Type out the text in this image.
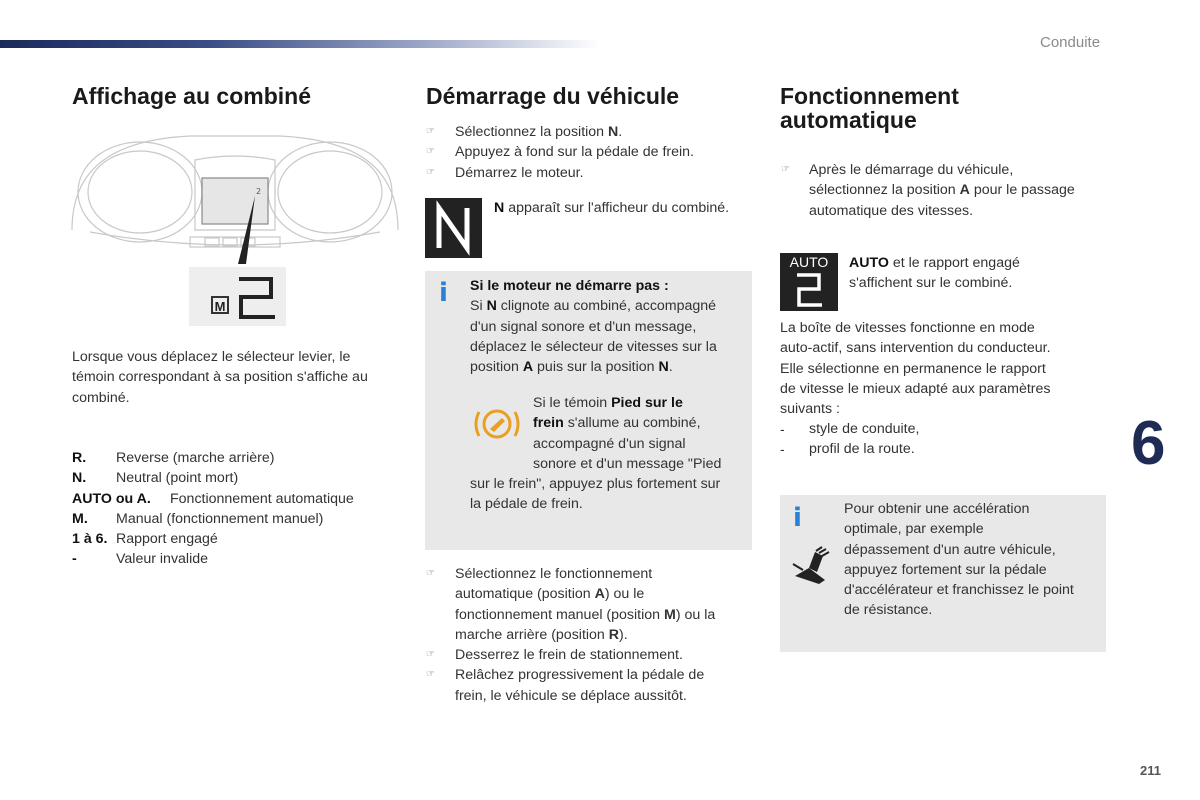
Conduite
211
6
Affichage au combiné
2
M
Lorsque vous déplacez le sélecteur levier, le
témoin correspondant à sa position s'affiche au
combiné.
R. Reverse (marche arrière)
N. Neutral (point mort)
AUTO ou A. Fonctionnement automatique
M. Manual (fonctionnement manuel)
1 à 6. Rapport engagé
-	Valeur invalide
Démarrage du véhicule
☞ Sélectionnez la position N.
☞ Appuyez à fond sur la pédale de frein.
☞ Démarrez le moteur.
N apparaît sur l'afficheur du combiné.
i Si le moteur ne démarre pas :
Si N clignote au combiné, accompagné
d'un signal sonore et d'un message,
déplacez le sélecteur de vitesses sur la
position A puis sur la position N.
Si le témoin Pied sur le
frein s'allume au combiné,
accompagné d'un signal
sonore et d'un message "Pied
sur le frein", appuyez plus fortement sur
la pédale de frein.
☞ Sélectionnez le fonctionnement
automatique (position A) ou le
fonctionnement manuel (position M) ou la
marche arrière (position R).
☞ Desserrez le frein de stationnement.
☞ Relâchez progressivement la pédale de
frein, le véhicule se déplace aussitôt.
Fonctionnement
automatique
☞ Après le démarrage du véhicule,
sélectionnez la position A pour le passage
automatique des vitesses.
AUTO	AUTO et le rapport engagé
s'affichent sur le combiné.
La boîte de vitesses fonctionne en mode
auto-actif, sans intervention du conducteur.
Elle sélectionne en permanence le rapport
de vitesse le mieux adapté aux paramètres
suivants :
- style de conduite,
- profil de la route.
i	Pour obtenir une accélération
optimale, par exemple
dépassement d'un autre véhicule,
appuyez fortement sur la pédale
d'accélérateur et franchissez le point
de résistance.
